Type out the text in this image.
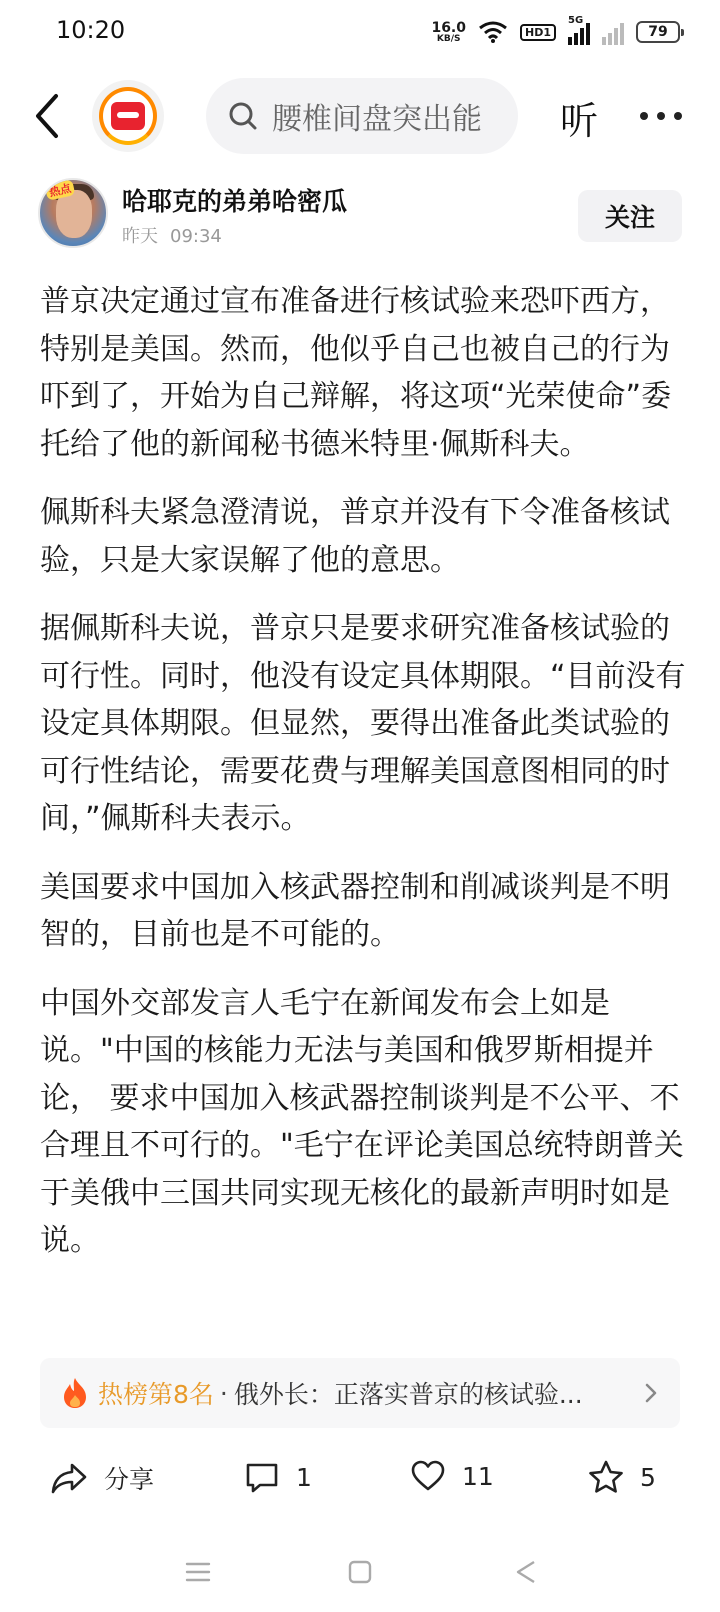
10:20	16.0
KB/S	HD1
5G
79
腰椎间盘突出能	听
热点 哈耶克的弟弟哈密瓜
昨天 09:34
关注

普京决定通过宣布准备进行核试验来恐吓西方，特别是美国。然而，他似乎自己也被自己的行为吓到了，开始为自己辩解，将这项“光荣使命”委托给了他的新闻秘书德米特里·佩斯科夫。

佩斯科夫紧急澄清说，普京并没有下令准备核试验，只是大家误解了他的意思。

据佩斯科夫说，普京只是要求研究准备核试验的可行性。同时，他没有设定具体期限。“目前没有设定具体期限。但显然，要得出准备此类试验的可行性结论，需要花费与理解美国意图相同的时间，”佩斯科夫表示。

美国要求中国加入核武器控制和削减谈判是不明智的，目前也是不可能的。

中国外交部发言人毛宁在新闻发布会上如是说。"中国的核能力无法与美国和俄罗斯相提并论， 要求中国加入核武器控制谈判是不公平、不合理且不可行的。"毛宁在评论美国总统特朗普关于美俄中三国共同实现无核化的最新声明时如是说。

热榜第8名 · 俄外长：正落实普京的核试验...
分享	1	11	5
